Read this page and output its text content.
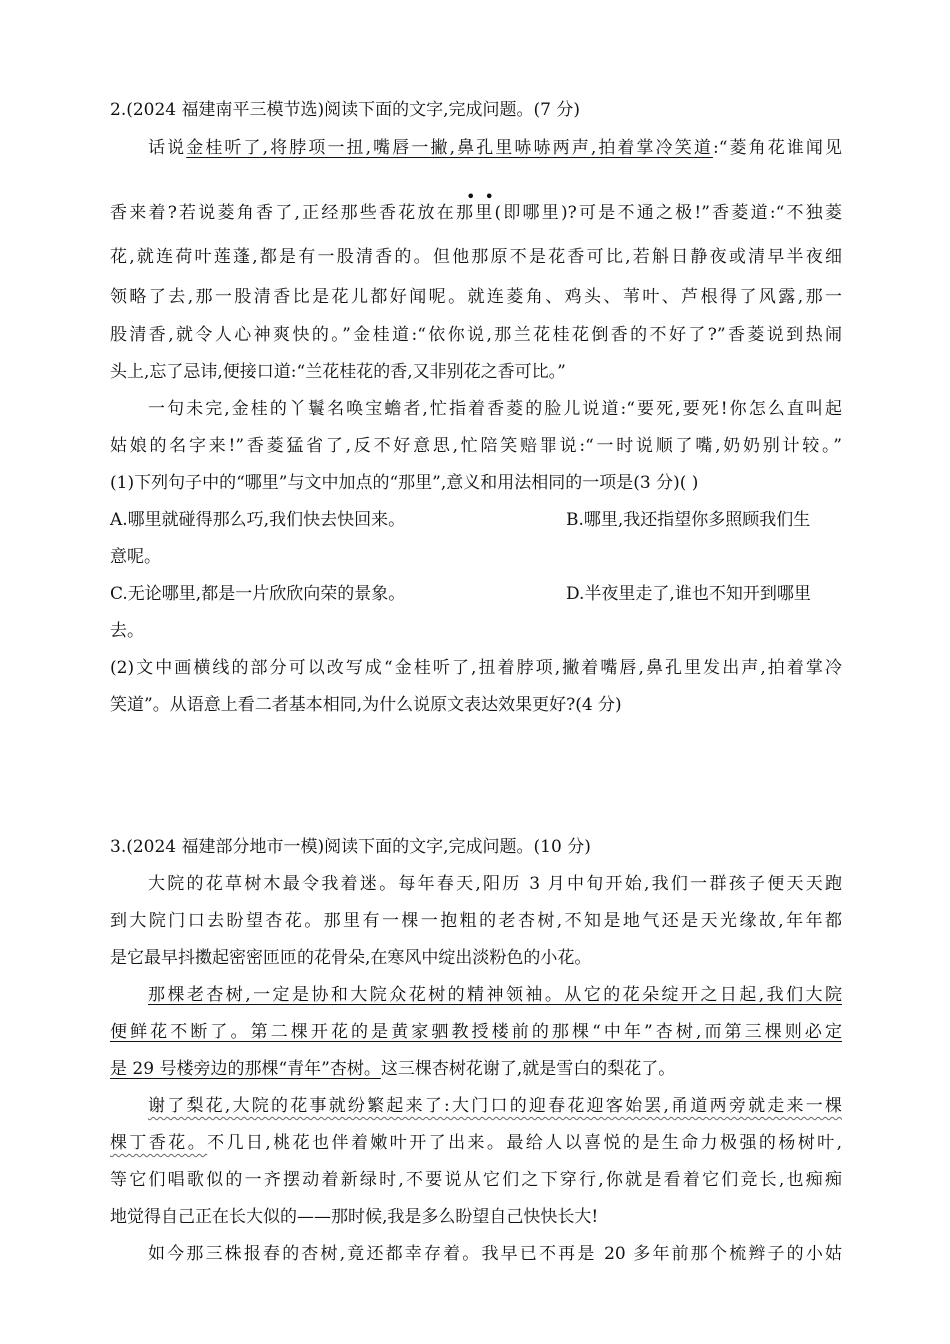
2.(2024 福建南平三模节选)阅读下面的文字,完成问题。(7 分)
话说金桂听了,将脖项一扭,嘴唇一撇,鼻孔里哧哧两声,拍着掌冷笑道:“菱角花谁闻见
••
香来着?若说菱角香了,正经那些香花放在那里(即哪里)?可是不通之极!”香菱道:“不独菱
花,就连荷叶莲蓬,都是有一股清香的。但他那原不是花香可比,若斛日静夜或清早半夜细
领略了去,那一股清香比是花儿都好闻呢。就连菱角、鸡头、苇叶、芦根得了风露,那一
股清香,就令人心神爽快的。”金桂道:“依你说,那兰花桂花倒香的不好了?”香菱说到热闹
头上,忘了忌讳,便接口道:“兰花桂花的香,又非别花之香可比。”
一句未完,金桂的丫鬟名唤宝蟾者,忙指着香菱的脸儿说道:“要死,要死!你怎么直叫起
姑娘的名字来!”香菱猛省了,反不好意思,忙陪笑赔罪说:“一时说顺了嘴,奶奶别计较。”
(1)下列句子中的“哪里”与文中加点的“那里”,意义和用法相同的一项是(3 分)( )
A.哪里就碰得那么巧,我们快去快回来。	B.哪里,我还指望你多照顾我们生
意呢。
C.无论哪里,都是一片欣欣向荣的景象。	D.半夜里走了,谁也不知开到哪里
去。
(2)文中画横线的部分可以改写成“金桂听了,扭着脖项,撇着嘴唇,鼻孔里发出声,拍着掌冷
笑道”。从语意上看二者基本相同,为什么说原文表达效果更好?(4 分)
3.(2024 福建部分地市一模)阅读下面的文字,完成问题。(10 分)
大院的花草树木最令我着迷。每年春天,阳历 3 月中旬开始,我们一群孩子便天天跑
到大院门口去盼望杏花。那里有一棵一抱粗的老杏树,不知是地气还是天光缘故,年年都
是它最早抖擞起密密匝匝的花骨朵,在寒风中绽出淡粉色的小花。
那棵老杏树,一定是协和大院众花树的精神领袖。从它的花朵绽开之日起,我们大院
便鲜花不断了。第二棵开花的是黄家驷教授楼前的那棵“中年”杏树,而第三棵则必定
是 29 号楼旁边的那棵“青年”杏树。这三棵杏树花谢了,就是雪白的梨花了。
谢了梨花,大院的花事就纷繁起来了:大门口的迎春花迎客始罢,甬道两旁就走来一棵
棵丁香花。不几日,桃花也伴着嫩叶开了出来。最给人以喜悦的是生命力极强的杨树叶,
等它们唱歌似的一齐摆动着新绿时,不要说从它们之下穿行,你就是看着它们竞长,也痴痴
地觉得自己正在长大似的——那时候,我是多么盼望自己快快长大!
如今那三株报春的杏树,竟还都幸存着。我早已不再是 20 多年前那个梳辫子的小姑
